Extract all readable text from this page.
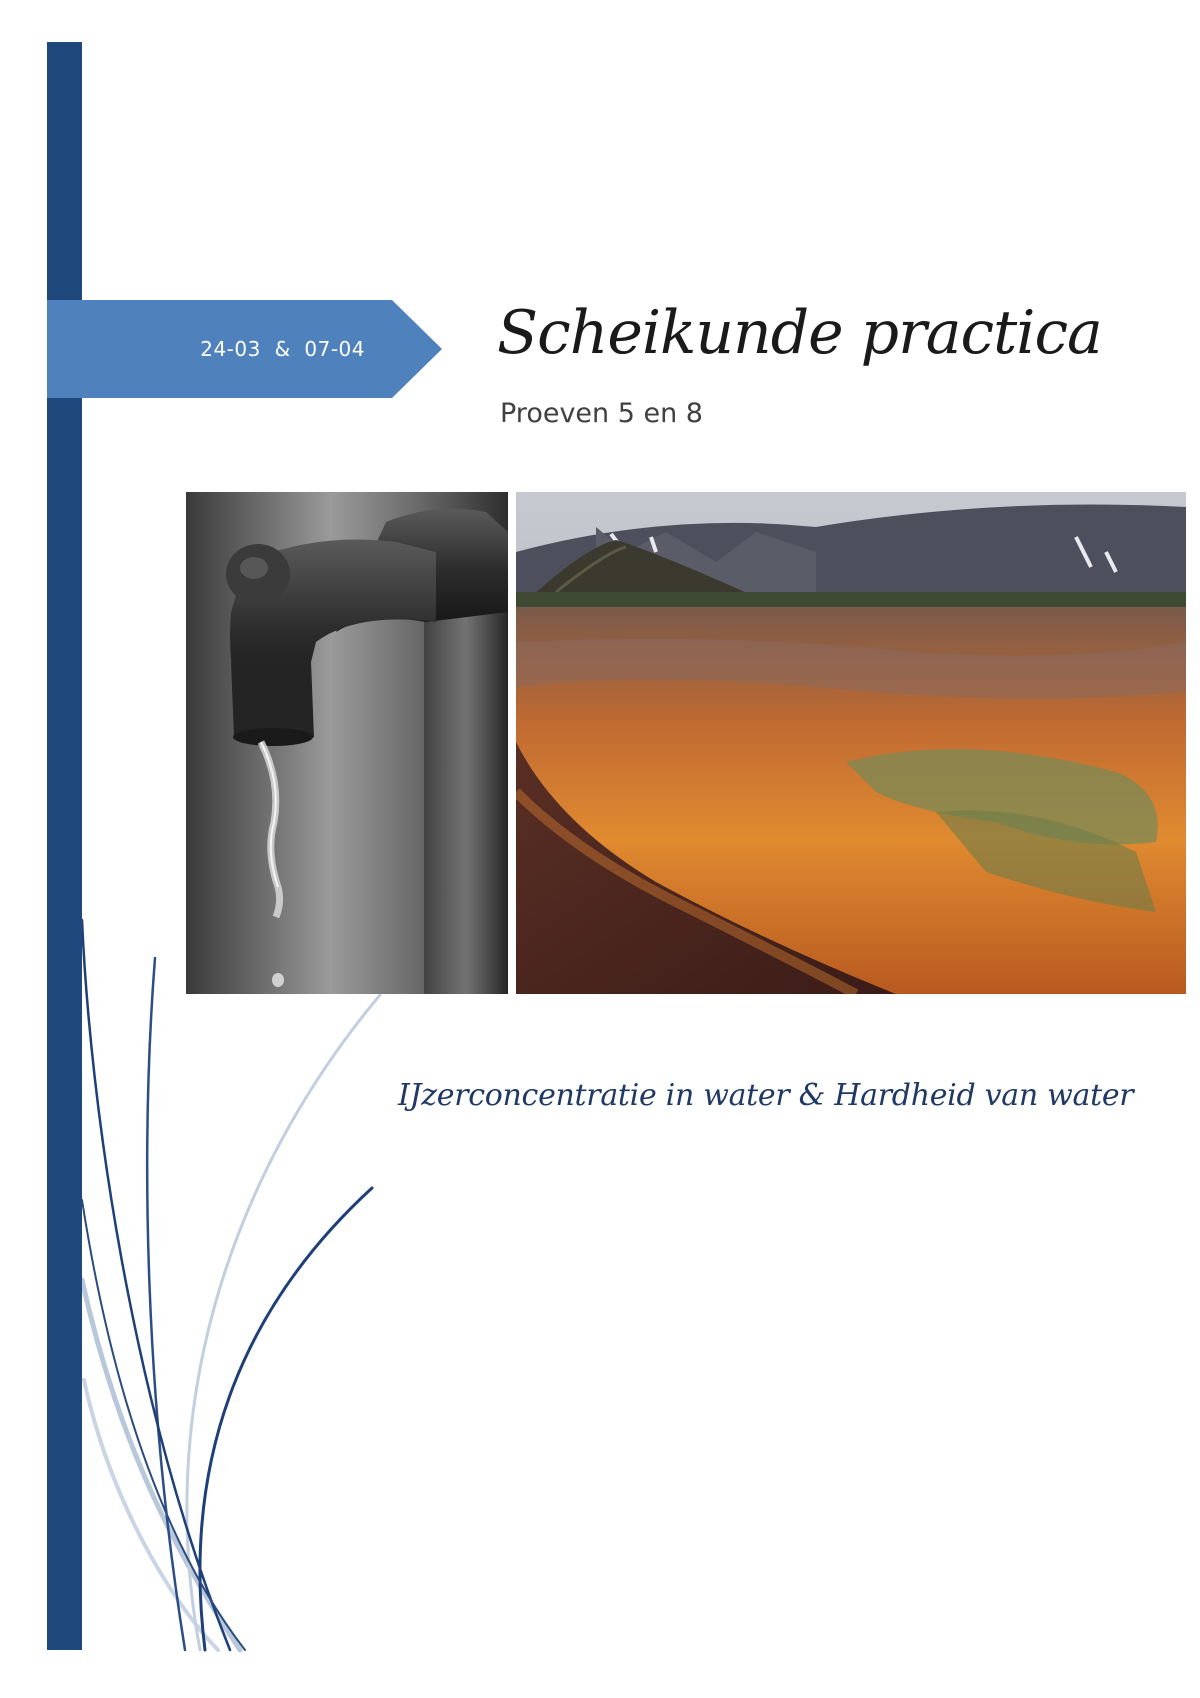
24-03  &  07-04 Scheikunde practica
Proeven 5 en 8
IJzerconcentratie in water & Hardheid van water
